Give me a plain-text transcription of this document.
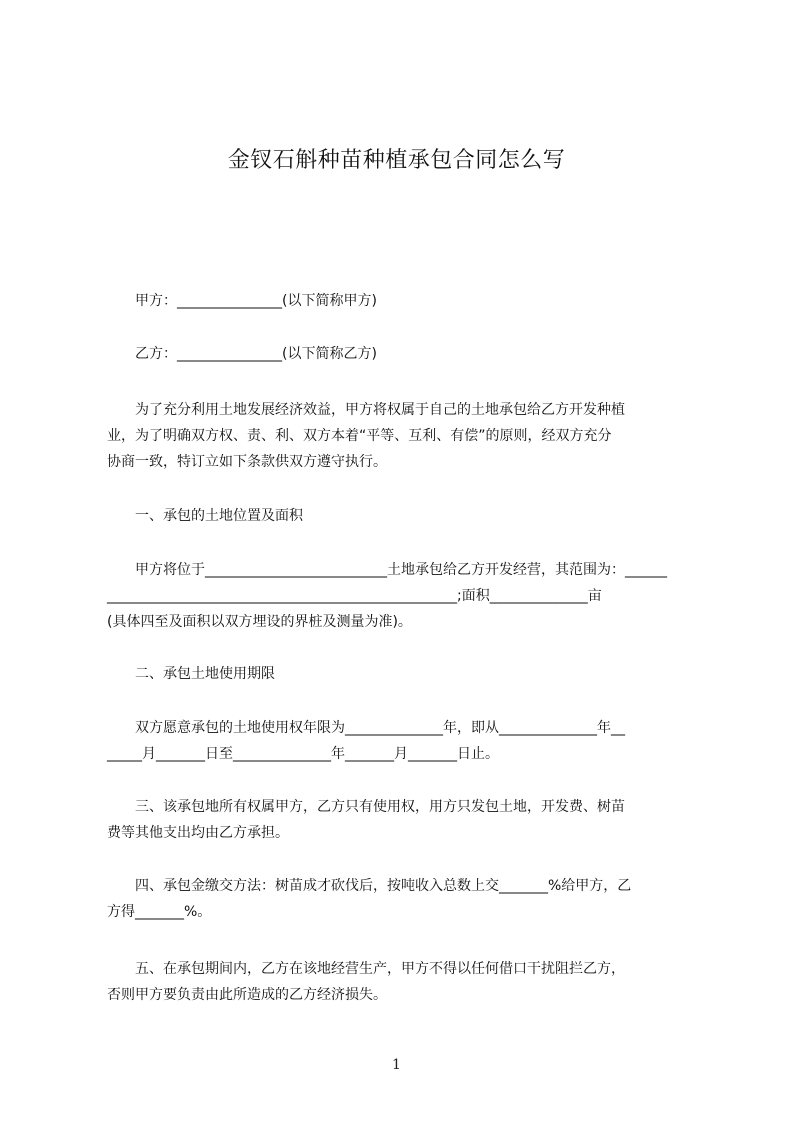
金钗石斛种苗种植承包合同怎么写
甲方：_______________(以下简称甲方)
乙方：_______________(以下简称乙方)
为了充分利用土地发展经济效益，甲方将权属于自己的土地承包给乙方开发种植
业，为了明确双方权、责、利、双方本着“平等、互利、有偿”的原则，经双方充分
协商一致，特订立如下条款供双方遵守执行。
一、承包的土地位置及面积
甲方将位于__________________________土地承包给乙方开发经营，其范围为：______
__________________________________________________;面积______________亩
(具体四至及面积以双方埋设的界桩及测量为准)。
二、承包土地使用期限
双方愿意承包的土地使用权年限为______________年，即从______________年__
_____月_______日至______________年_______月_______日止。
三、该承包地所有权属甲方，乙方只有使用权，用方只发包土地，开发费、树苗
费等其他支出均由乙方承担。
四、承包金缴交方法：树苗成才砍伐后，按吨收入总数上交_______%给甲方，乙
方得_______%。
五、在承包期间内，乙方在该地经营生产，甲方不得以任何借口干扰阻拦乙方，
否则甲方要负责由此所造成的乙方经济损失。
1
